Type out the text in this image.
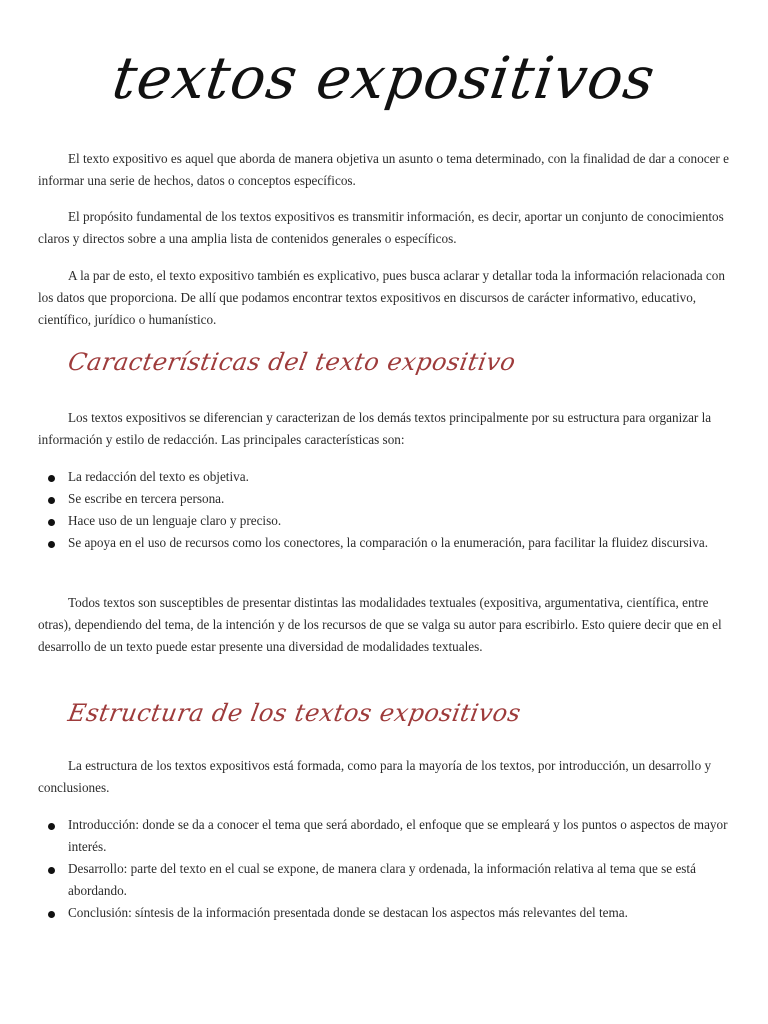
textos expositivos

El texto expositivo es aquel que aborda de manera objetiva un asunto o tema determinado, con la finalidad de dar a conocer e informar una serie de hechos, datos o conceptos específicos.

El propósito fundamental de los textos expositivos es transmitir información, es decir, aportar un conjunto de conocimientos claros y directos sobre a una amplia lista de contenidos generales o específicos.

A la par de esto, el texto expositivo también es explicativo, pues busca aclarar y detallar toda la información relacionada con los datos que proporciona. De allí que podamos encontrar textos expositivos en discursos de carácter informativo, educativo, científico, jurídico o humanístico.

Características del texto expositivo

Los textos expositivos se diferencian y caracterizan de los demás textos principalmente por su estructura para organizar la información y estilo de redacción. Las principales características son:

La redacción del texto es objetiva.
Se escribe en tercera persona.
Hace uso de un lenguaje claro y preciso.
Se apoya en el uso de recursos como los conectores, la comparación o la enumeración, para facilitar la fluidez discursiva.

Todos textos son susceptibles de presentar distintas las modalidades textuales (expositiva, argumentativa, científica, entre otras), dependiendo del tema, de la intención y de los recursos de que se valga su autor para escribirlo. Esto quiere decir que en el desarrollo de un texto puede estar presente una diversidad de modalidades textuales.

Estructura de los textos expositivos

La estructura de los textos expositivos está formada, como para la mayoría de los textos, por introducción, un desarrollo y conclusiones.

Introducción: donde se da a conocer el tema que será abordado, el enfoque que se empleará y los puntos o aspectos de mayor interés.
Desarrollo: parte del texto en el cual se expone, de manera clara y ordenada, la información relativa al tema que se está abordando.
Conclusión: síntesis de la información presentada donde se destacan los aspectos más relevantes del tema.
